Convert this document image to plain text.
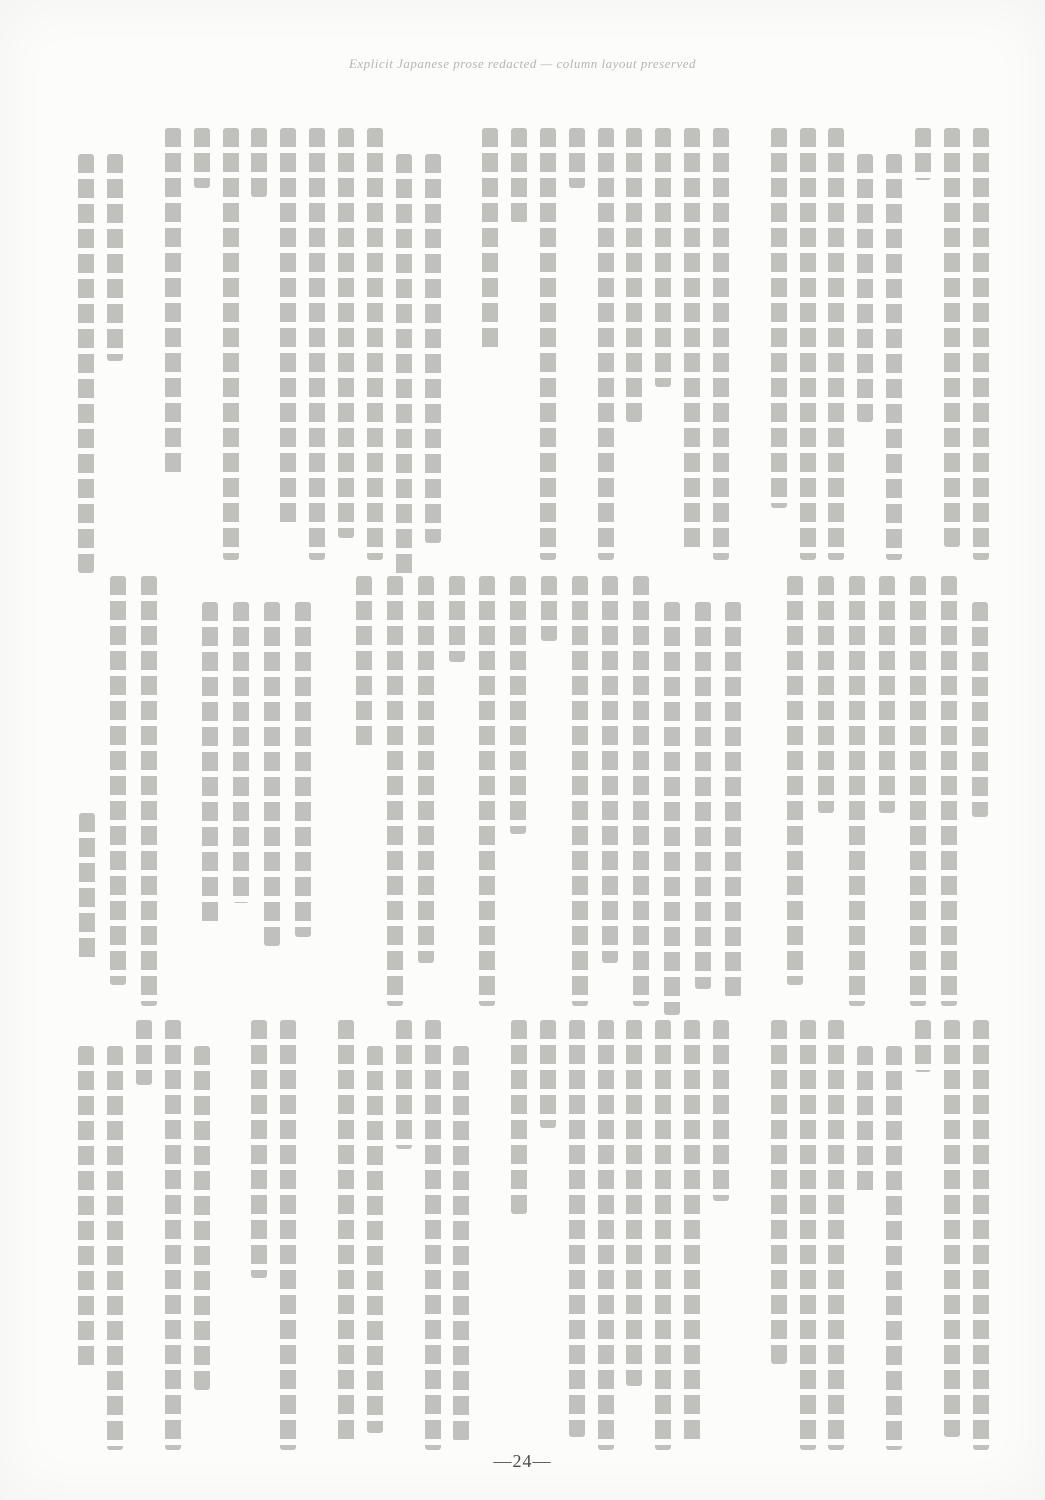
Explicit Japanese prose redacted — column layout preserved
—24—
